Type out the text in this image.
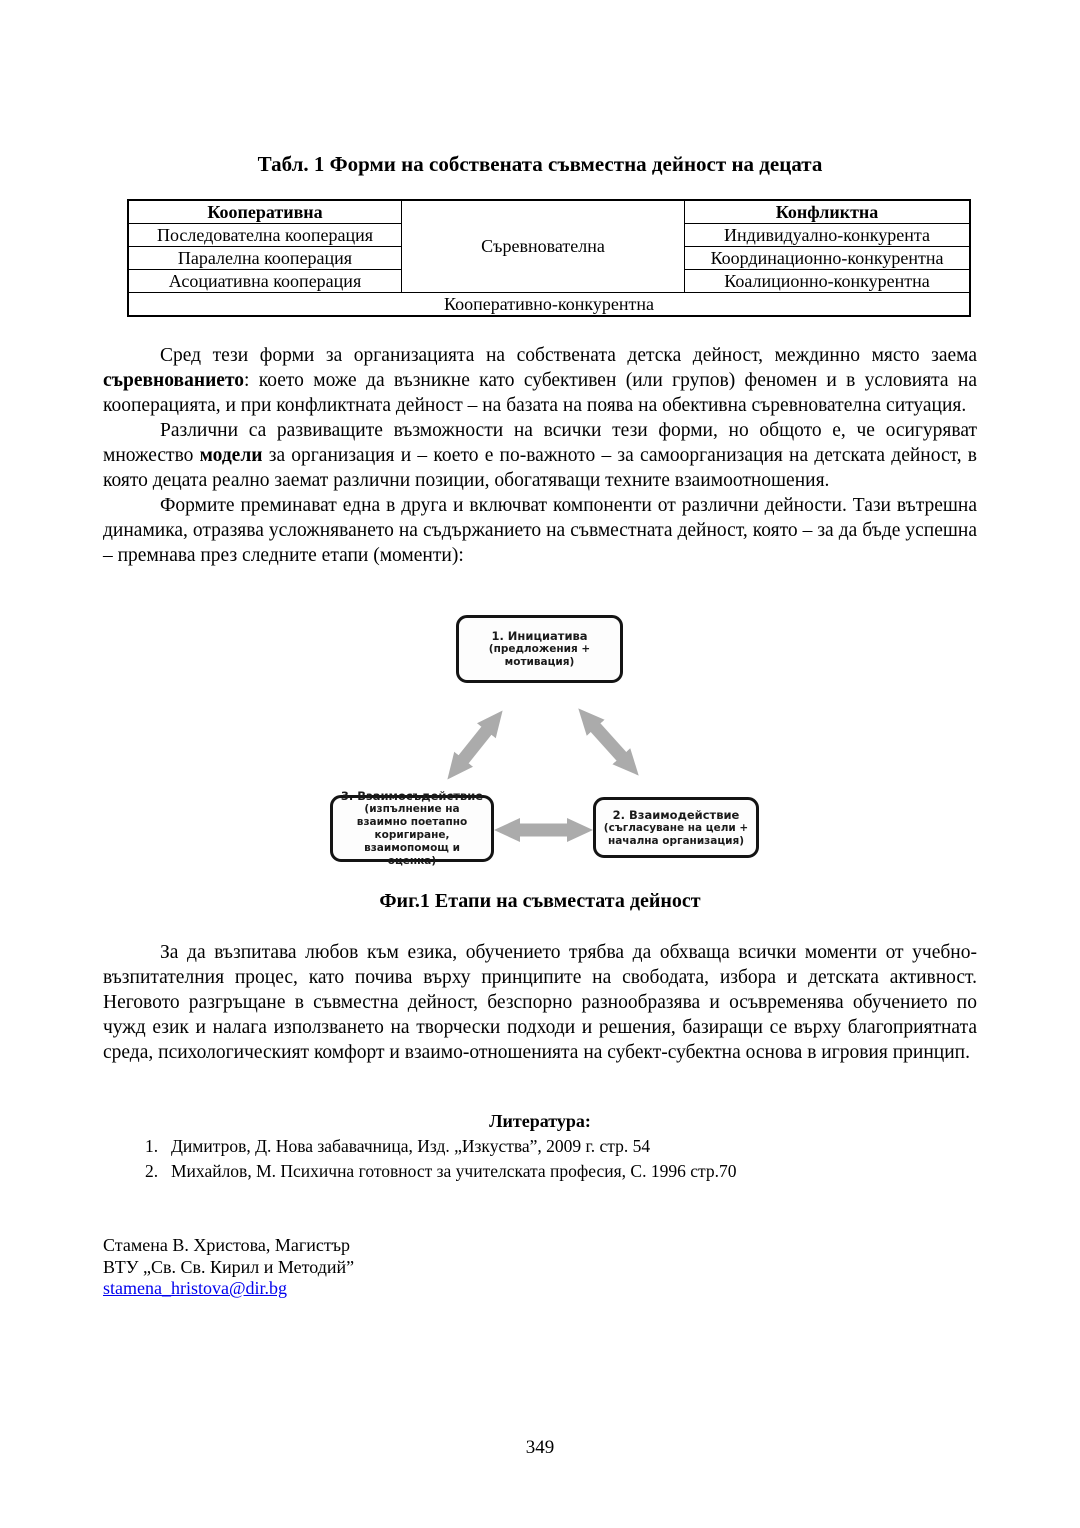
Табл. 1 Форми на собствената съвместна дейност на децата
Кооперативна	Съревнователна	Конфликтна
Последователна кооперация		Индивидуално-конкурента
Паралелна кооперация		Координационно-конкурентна
Асоциативна кооперация		Коалиционно-конкурентна
Кооперативно-конкурентна		

Сред тези форми за организацията на собствената детска дейност, междинно място заема съревнованието: което може да възникне като субективен (или групов) феномен и в условията на кооперацията, и при конфликтната дейност – на базата на поява на обективна съревнователна ситуация.

Различни са развиващите възможности на всички тези форми, но общото е, че осигуряват множество модели за организация и – което е по-важното – за самоорганизация на детската дейност, в която децата реално заемат различни позиции, обогатяващи техните взаимоотношения.

Формите преминават една в друга и включват компоненти от различни дейности. Тази вътрешна динамика, отразява усложняването на съдържанието на съвместната дейност, която – за да бъде успешна – премнава през следните етапи (моменти):

1. Инициатива
(предложения + мотивация)
3. Взаимосъдействие
(изпълнение на взаимно поетапно коригиране, взаимопомощ и оценка)
2. Взаимодействие
(съгласуване на цели + начална организация)
Фиг.1 Етапи на съвместата дейност

За да възпитава любов към езика, обучението трябва да обхваща всички моменти от учебно-възпитателния процес, като почива върху принципите на свободата, избора и детската активност. Неговото разгръщане в съвместна дейност, безспорно разнообразява и осъвременява обучението по чужд език и налага използването на творчески подходи и решения, базиращи се върху благоприятната среда, психологическият комфорт и взаимо-отношенията на субект-субектна основа в игровия принцип.

Литература:
1. Димитров, Д. Нова забавачница, Изд. „Изкуства”, 2009 г. стр. 54
2. Михайлов, М. Психична готовност за учителската професия, С. 1996 стр.70
Стамена В. Христова, Магистър
ВТУ „Св. Св. Кирил и Методий”
stamena_hristova@dir.bg
349
